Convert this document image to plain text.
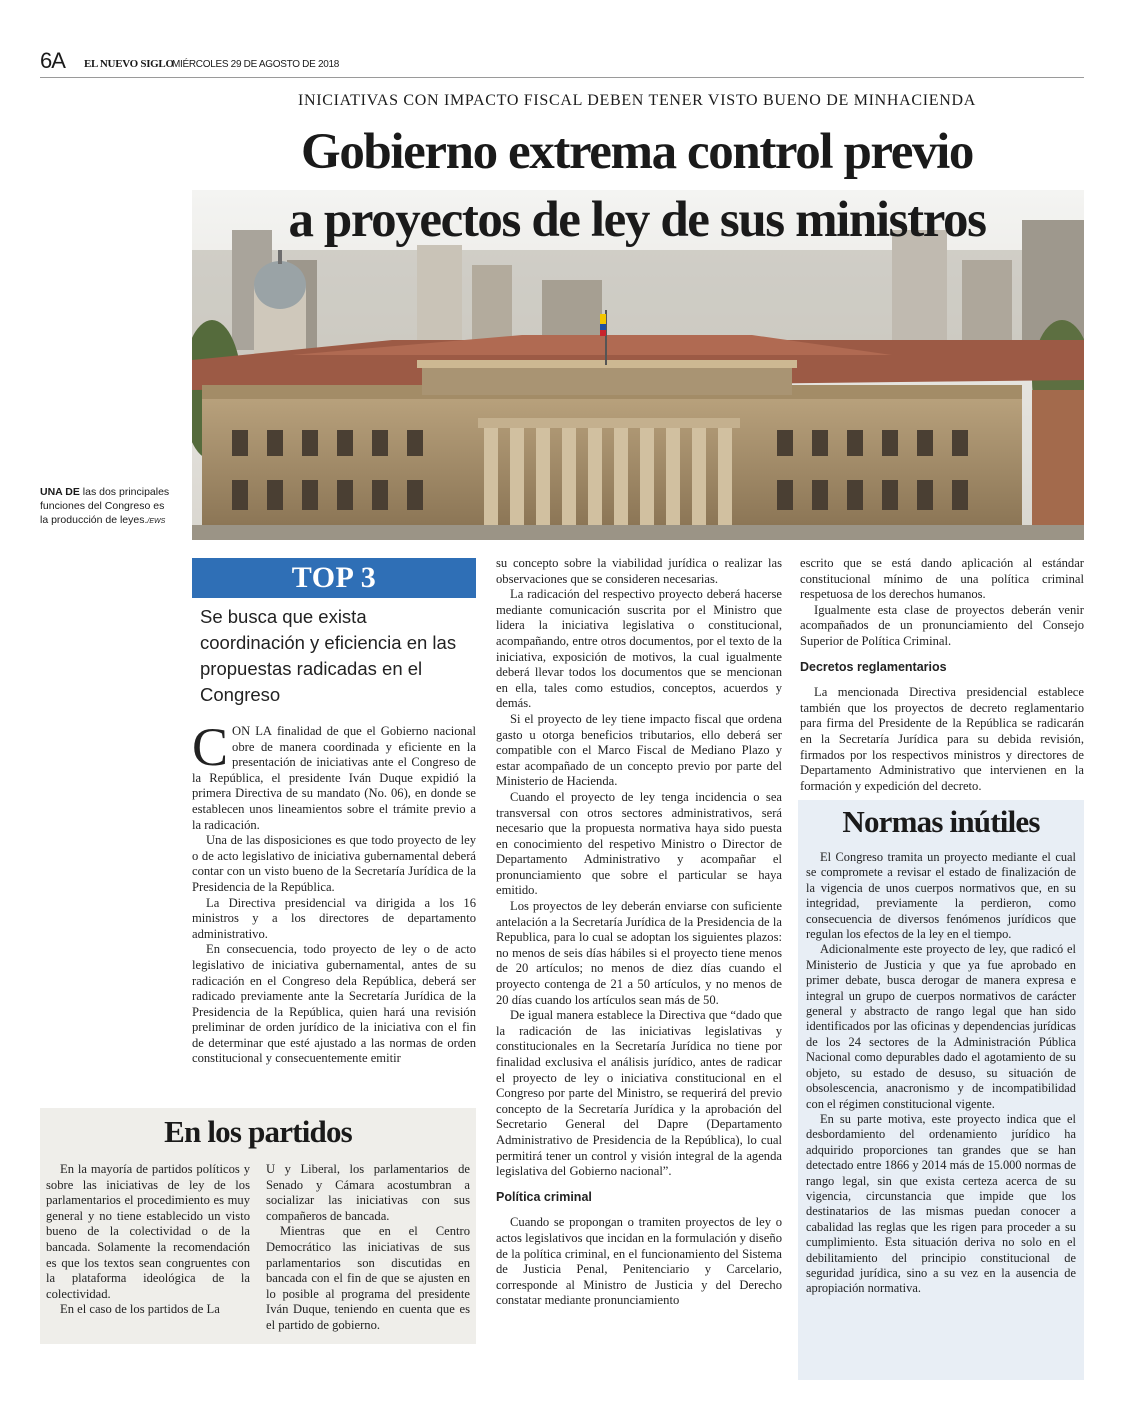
6A EL NUEVO SIGLO
MIÉRCOLES 29 DE AGOSTO DE 2018
INICIATIVAS CON IMPACTO FISCAL DEBEN TENER VISTO BUENO DE MINHACIENDA
Gobierno extrema control previo
a proyectos de ley de sus ministros
UNA DE las dos principales funciones del Congreso es la producción de leyes./EWS
TOP 3
Se busca que exista coordinación y eficiencia en las propuestas radicadas en el Congreso

CON LA finalidad de que el Gobierno nacional obre de manera coordinada y eficiente en la presentación de iniciativas ante el Congreso de la República, el presidente Iván Duque expidió la primera Directiva de su mandato (No. 06), en donde se establecen unos lineamientos sobre el trámite previo a la radicación.

Una de las disposiciones es que todo proyecto de ley o de acto legislativo de iniciativa gubernamental deberá contar con un visto bueno de la Secretaría Jurídica de la Presidencia de la República.

La Directiva presidencial va dirigida a los 16 ministros y a los directores de departamento administrativo.

En consecuencia, todo proyecto de ley o de acto legislativo de iniciativa gubernamental, antes de su radicación en el Congreso dela República, deberá ser radicado previamente ante la Secretaría Jurídica de la Presidencia de la República, quien hará una revisión preliminar de orden jurídico de la iniciativa con el fin de determinar que esté ajustado a las normas de orden constitucional y consecuentemente emitir

su concepto sobre la viabilidad jurídica o realizar las observaciones que se consideren necesarias.

La radicación del respectivo proyecto deberá hacerse mediante comunicación suscrita por el Ministro que lidera la iniciativa legislativa o constitucional, acompañando, entre otros documentos, por el texto de la iniciativa, exposición de motivos, la cual igualmente deberá llevar todos los documentos que se mencionan en ella, tales como estudios, conceptos, acuerdos y demás.

Si el proyecto de ley tiene impacto fiscal que ordena gasto u otorga beneficios tributarios, ello deberá ser compatible con el Marco Fiscal de Mediano Plazo y estar acompañado de un concepto previo por parte del Ministerio de Hacienda.

Cuando el proyecto de ley tenga incidencia o sea transversal con otros sectores administrativos, será necesario que la propuesta normativa haya sido puesta en conocimiento del respetivo Ministro o Director de Departamento Administrativo y acompañar el pronunciamiento que sobre el particular se haya emitido.

Los proyectos de ley deberán enviarse con suficiente antelación a la Secretaría Jurídica de la Presidencia de la Republica, para lo cual se adoptan los siguientes plazos: no menos de seis días hábiles si el proyecto tiene menos de 20 artículos; no menos de diez días cuando el proyecto contenga de 21 a 50 artículos, y no menos de 20 días cuando los artículos sean más de 50.

De igual manera establece la Directiva que “dado que la radicación de las iniciativas legislativas y constitucionales en la Secretaría Jurídica no tiene por finalidad exclusiva el análisis jurídico, antes de radicar el proyecto de ley o iniciativa constitucional en el Congreso por parte del Ministro, se requerirá del previo concepto de la Secretaría Jurídica y la aprobación del Secretario General del Dapre (Departamento Administrativo de Presidencia de la República), lo cual permitirá tener un control y visión integral de la agenda legislativa del Gobierno nacional”.

Política criminal

Cuando se propongan o tramiten proyectos de ley o actos legislativos que incidan en la formulación y diseño de la política criminal, en el funcionamiento del Sistema de Justicia Penal, Penitenciario y Carcelario, corresponde al Ministro de Justicia y del Derecho constatar mediante pronunciamiento

escrito que se está dando aplicación al estándar constitucional mínimo de una política criminal respetuosa de los derechos humanos.

Igualmente esta clase de proyectos deberán venir acompañados de un pronunciamiento del Consejo Superior de Política Criminal.

Decretos reglamentarios

La mencionada Directiva presidencial establece también que los proyectos de decreto reglamentario para firma del Presidente de la República se radicarán en la Secretaría Jurídica para su debida revisión, firmados por los respectivos ministros y directores de Departamento Administrativo que intervienen en la formación y expedición del decreto.

En los partidos

En la mayoría de partidos políticos y sobre las iniciativas de ley de los parlamentarios el procedimiento es muy general y no tiene establecido un visto bueno de la colectividad o de la bancada. Solamente la recomendación es que los textos sean congruentes con la plataforma ideológica de la colectividad.

En el caso de los partidos de La

U y Liberal, los parlamentarios de Senado y Cámara acostumbran a socializar las iniciativas con sus compañeros de bancada.

Mientras que en el Centro Democrático las iniciativas de sus parlamentarios son discutidas en bancada con el fin de que se ajusten en lo posible al programa del presidente Iván Duque, teniendo en cuenta que es el partido de gobierno.

Normas inútiles

El Congreso tramita un proyecto mediante el cual se compromete a revisar el estado de finalización de la vigencia de unos cuerpos normativos que, en su integridad, previamente la perdieron, como consecuencia de diversos fenómenos jurídicos que regulan los efectos de la ley en el tiempo.

Adicionalmente este proyecto de ley, que radicó el Ministerio de Justicia y que ya fue aprobado en primer debate, busca derogar de manera expresa e integral un grupo de cuerpos normativos de carácter general y abstracto de rango legal que han sido identificados por las oficinas y dependencias jurídicas de los 24 sectores de la Administración Pública Nacional como depurables dado el agotamiento de su objeto, su estado de desuso, su situación de obsolescencia, anacronismo y de incompatibilidad con el régimen constitucional vigente.

En su parte motiva, este proyecto indica que el desbordamiento del ordenamiento jurídico ha adquirido proporciones tan grandes que se han detectado entre 1866 y 2014 más de 15.000 normas de rango legal, sin que exista certeza acerca de su vigencia, circunstancia que impide que los destinatarios de las mismas puedan conocer a cabalidad las reglas que les rigen para proceder a su cumplimiento. Esta situación deriva no solo en el debilitamiento del principio constitucional de seguridad jurídica, sino a su vez en la ausencia de apropiación normativa.
